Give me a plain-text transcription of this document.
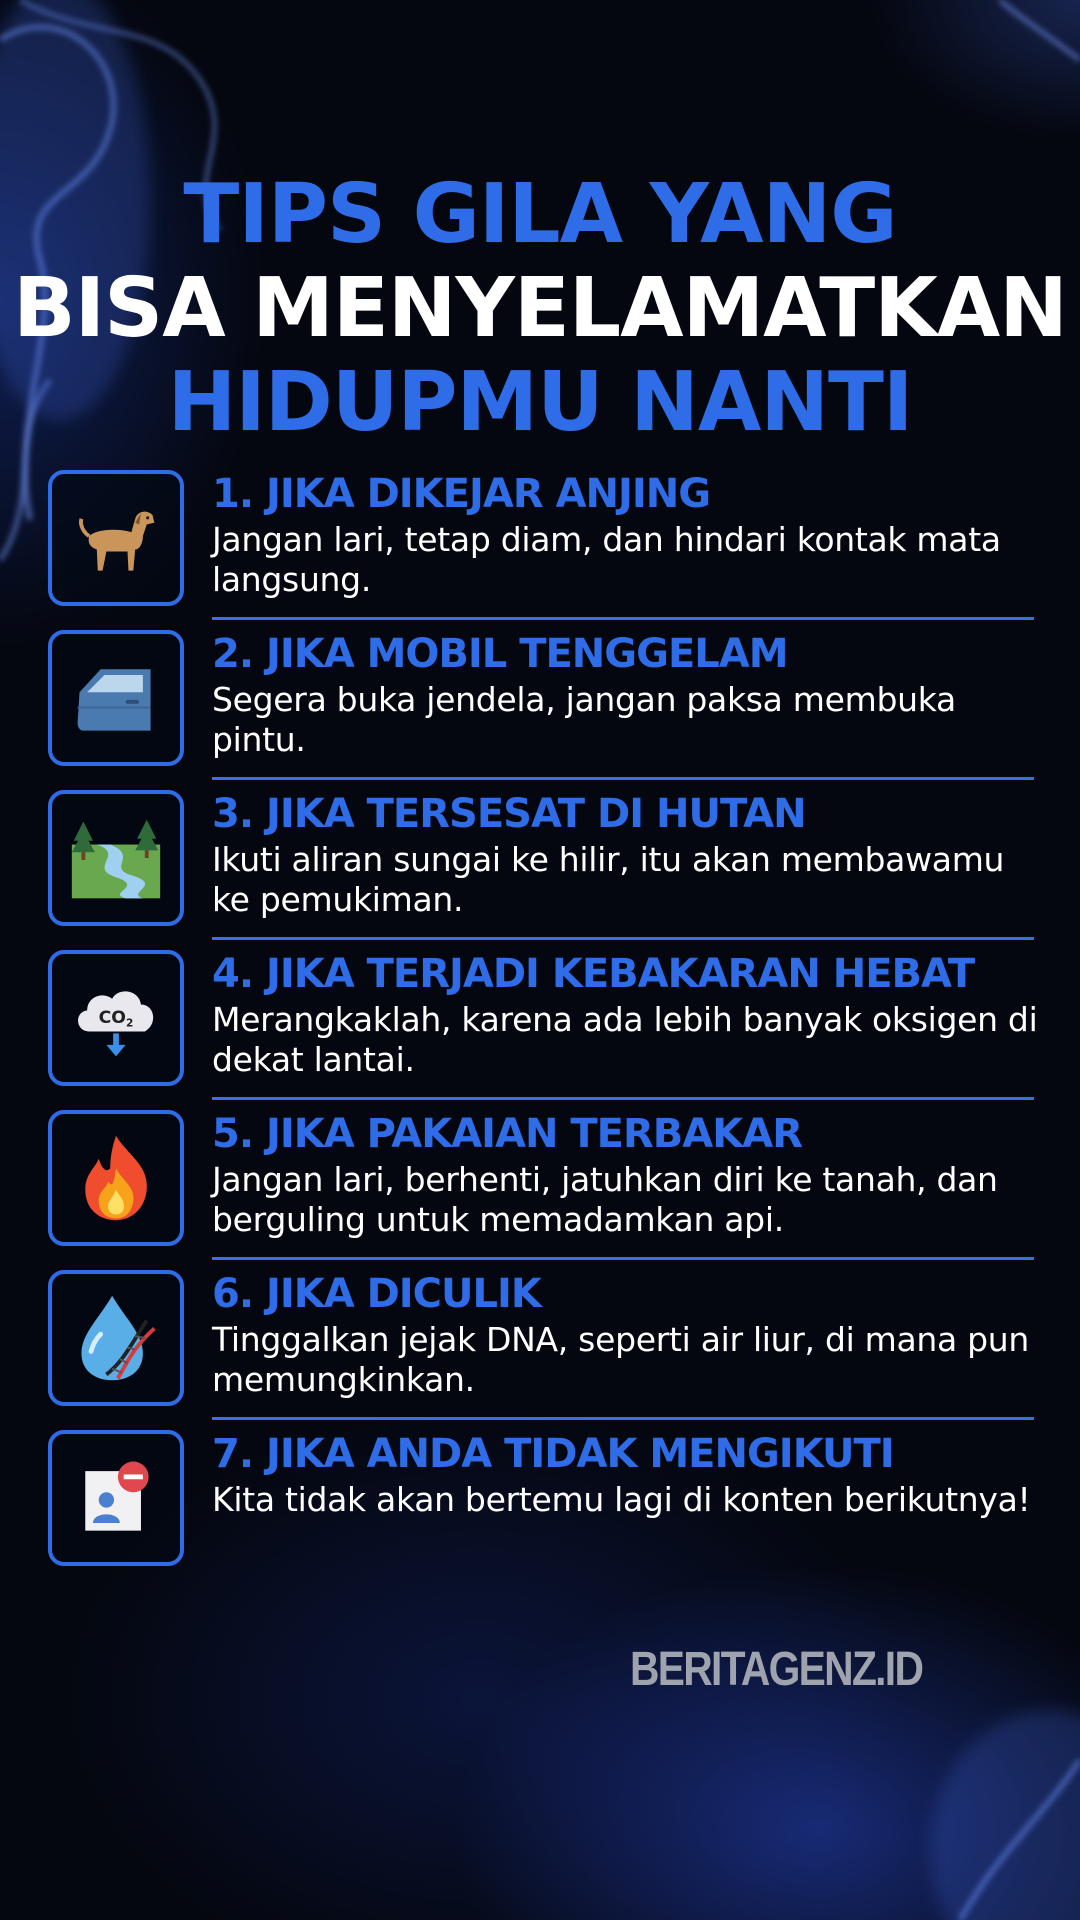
TIPS GILA YANG
BISA MENYELAMATKAN
HIDUPMU NANTI
1. JIKA DIKEJAR ANJING
Jangan lari, tetap diam, dan hindari kontak mata langsung.
2. JIKA MOBIL TENGGELAM
Segera buka jendela, jangan paksa membuka pintu.
3. JIKA TERSESAT DI HUTAN
Ikuti aliran sungai ke hilir, itu akan membawamu ke pemukiman.
$CO_2$
4. JIKA TERJADI KEBAKARAN HEBAT
Merangkaklah, karena ada lebih banyak oksigen di dekat lantai.
5. JIKA PAKAIAN TERBAKAR
Jangan lari, berhenti, jatuhkan diri ke tanah, dan berguling untuk memadamkan api.
6. JIKA DICULIK
Tinggalkan jejak DNA, seperti air liur, di mana pun memungkinkan.
7. JIKA ANDA TIDAK MENGIKUTI
Kita tidak akan bertemu lagi di konten berikutnya!
BERITAGENZ.ID
